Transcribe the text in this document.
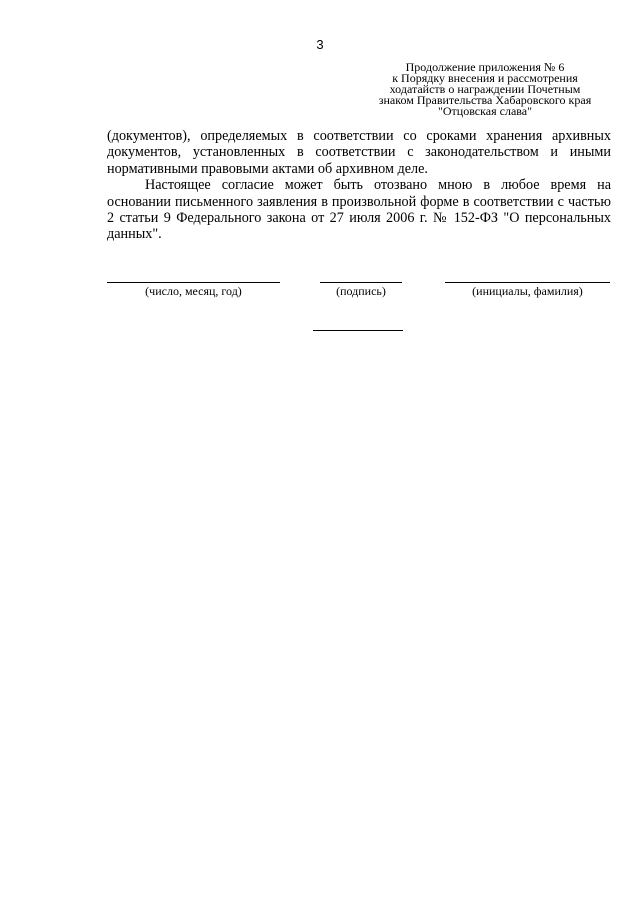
3
Продолжение приложения № 6
к Порядку внесения и рассмотрения
ходатайств о награждении Почетным
знаком Правительства Хабаровского края
"Отцовская слава"

(документов), определяемых в соответствии со сроками хранения архивных документов, установленных в соответствии с законодательством и иными нормативными правовыми актами об архивном деле.

Настоящее согласие может быть отозвано мною в любое время на основании письменного заявления в произвольной форме в соответствии с частью 2 статьи 9 Федерального закона от 27 июля 2006 г. № 152-ФЗ "О персональных данных".

(число, месяц, год)	(подпись)	(инициалы, фамилия)
